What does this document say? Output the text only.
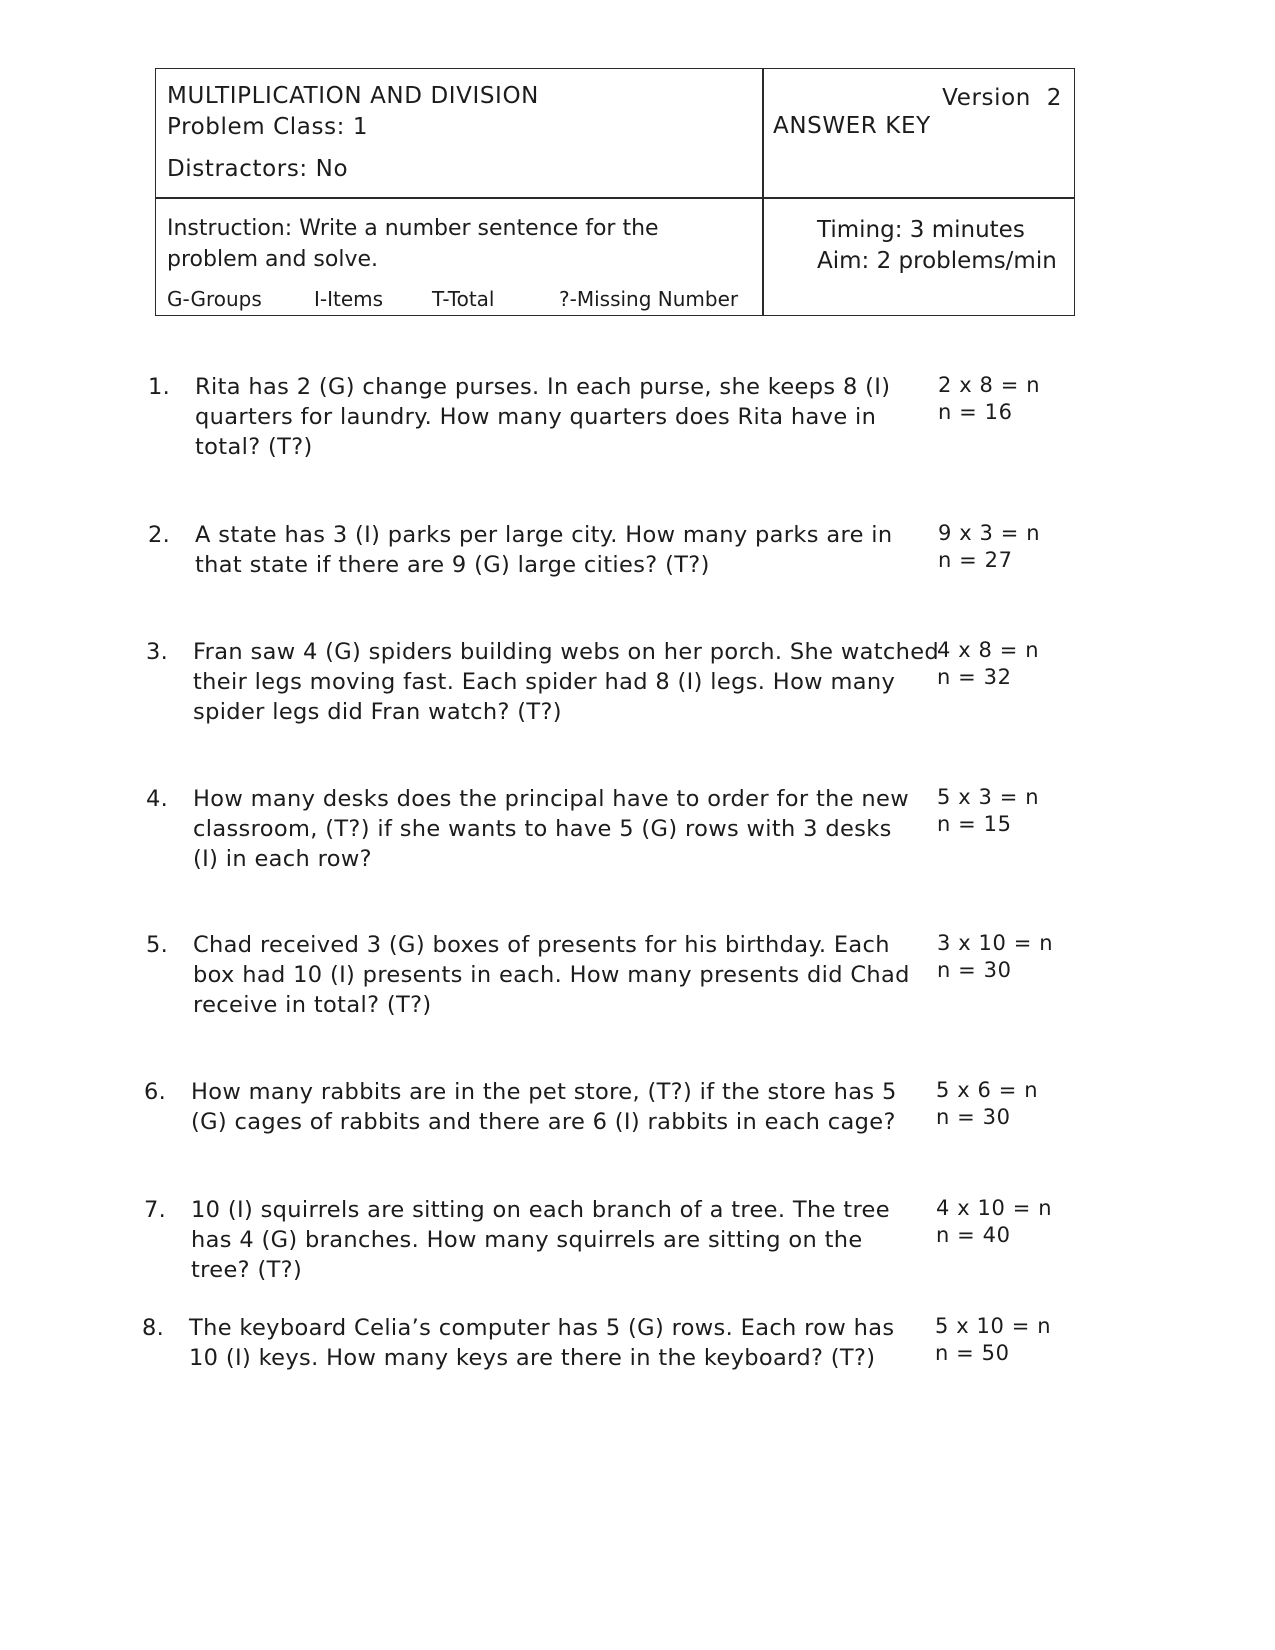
MULTIPLICATION AND DIVISION
Problem Class: 1
Distractors: No
Version  2
ANSWER KEY
Instruction: Write a number sentence for the
problem and solve.
G-Groups	I-Items T-Total	?-Missing Number
Timing: 3 minutes
Aim: 2 problems/min
1.	Rita has 2 (G) change purses. In each purse, she keeps 8 (I)
quarters for laundry. How many quarters does Rita have in
total? (T?)
2 x 8 = n
n = 16
2.	A state has 3 (I) parks per large city. How many parks are in
that state if there are 9 (G) large cities? (T?)
9 x 3 = n
n = 27
3.	Fran saw 4 (G) spiders building webs on her porch. She watched
their legs moving fast. Each spider had 8 (I) legs. How many
spider legs did Fran watch? (T?)
4 x 8 = n
n = 32
4.	How many desks does the principal have to order for the new
classroom, (T?) if she wants to have 5 (G) rows with 3 desks
(I) in each row?
5 x 3 = n
n = 15
5.	Chad received 3 (G) boxes of presents for his birthday. Each
box had 10 (I) presents in each. How many presents did Chad
receive in total? (T?)
3 x 10 = n
n = 30
6.	How many rabbits are in the pet store, (T?) if the store has 5
(G) cages of rabbits and there are 6 (I) rabbits in each cage?
5 x 6 = n
n = 30
7.	10 (I) squirrels are sitting on each branch of a tree. The tree
has 4 (G) branches. How many squirrels are sitting on the
tree? (T?)
4 x 10 = n
n = 40
8.	The keyboard Celia’s computer has 5 (G) rows. Each row has
10 (I) keys. How many keys are there in the keyboard? (T?)
5 x 10 = n
n = 50
